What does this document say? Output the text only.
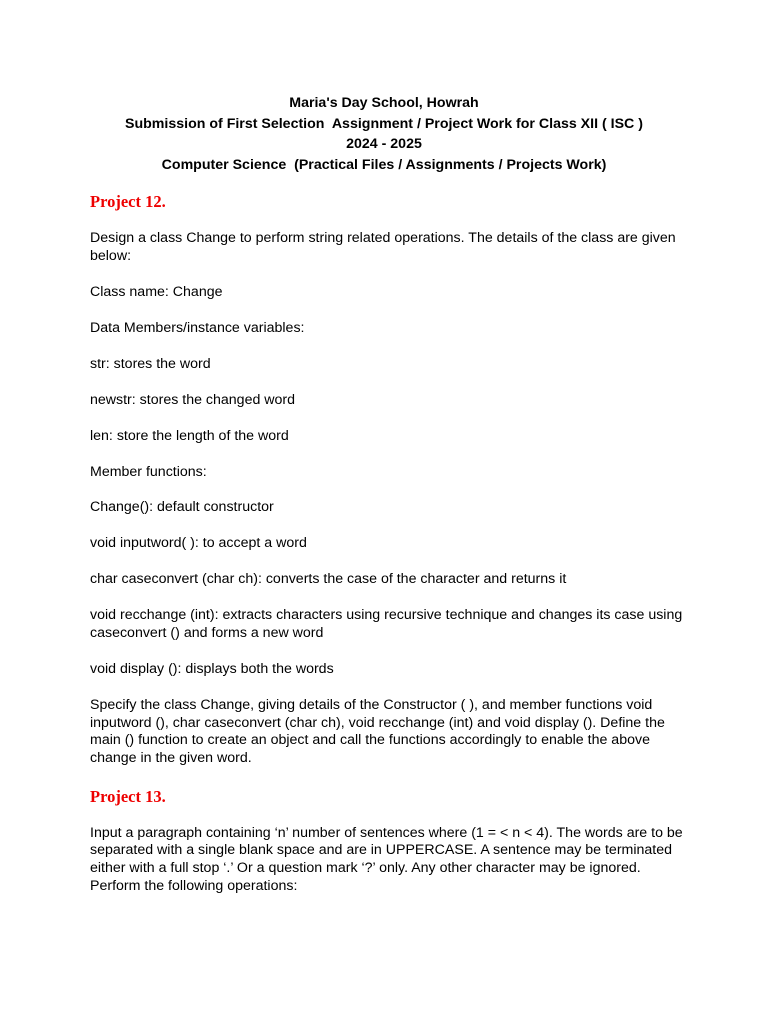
Maria's Day School, Howrah
Submission of First Selection  Assignment / Project Work for Class XII ( ISC )
2024 - 2025
Computer Science  (Practical Files / Assignments / Projects Work)
Project 12.

Design a class Change to perform string related operations. The details of the class are given below:

Class name: Change

Data Members/instance variables:

str: stores the word

newstr: stores the changed word

len: store the length of the word

Member functions:

Change(): default constructor

void inputword( ): to accept a word

char caseconvert (char ch): converts the case of the character and returns it

void recchange (int): extracts characters using recursive technique and changes its case using caseconvert () and forms a new word

void display (): displays both the words

Specify the class Change, giving details of the Constructor ( ), and member functions void inputword (), char caseconvert (char ch), void recchange (int) and void display (). Define the main () function to create an object and call the functions accordingly to enable the above change in the given word.

Project 13.

Input a paragraph containing ‘n’ number of sentences where (1 = < n < 4). The words are to be separated with a single blank space and are in UPPERCASE. A sentence may be terminated either with a full stop ‘.’ Or a question mark ‘?’ only. Any other character may be ignored. Perform the following operations:
